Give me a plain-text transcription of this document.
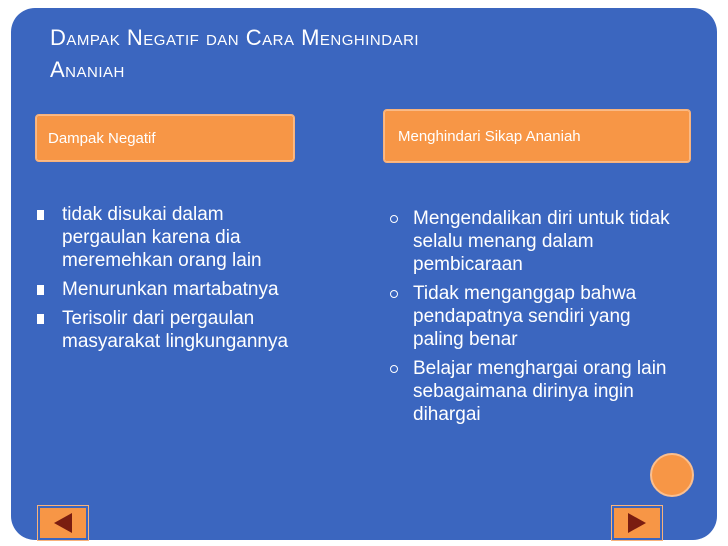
Dampak Negatif dan Cara Menghindari
Ananiah
Dampak Negatif	Menghindari Sikap Ananiah
tidak disukai dalam pergaulan karena dia meremehkan orang lain
Menurunkan martabatnya
Terisolir dari pergaulan masyarakat lingkungannya
Mengendalikan diri untuk tidak selalu menang dalam pembicaraan
Tidak menganggap bahwa pendapatnya sendiri yang paling benar
Belajar menghargai orang lain sebagaimana dirinya ingin dihargai
